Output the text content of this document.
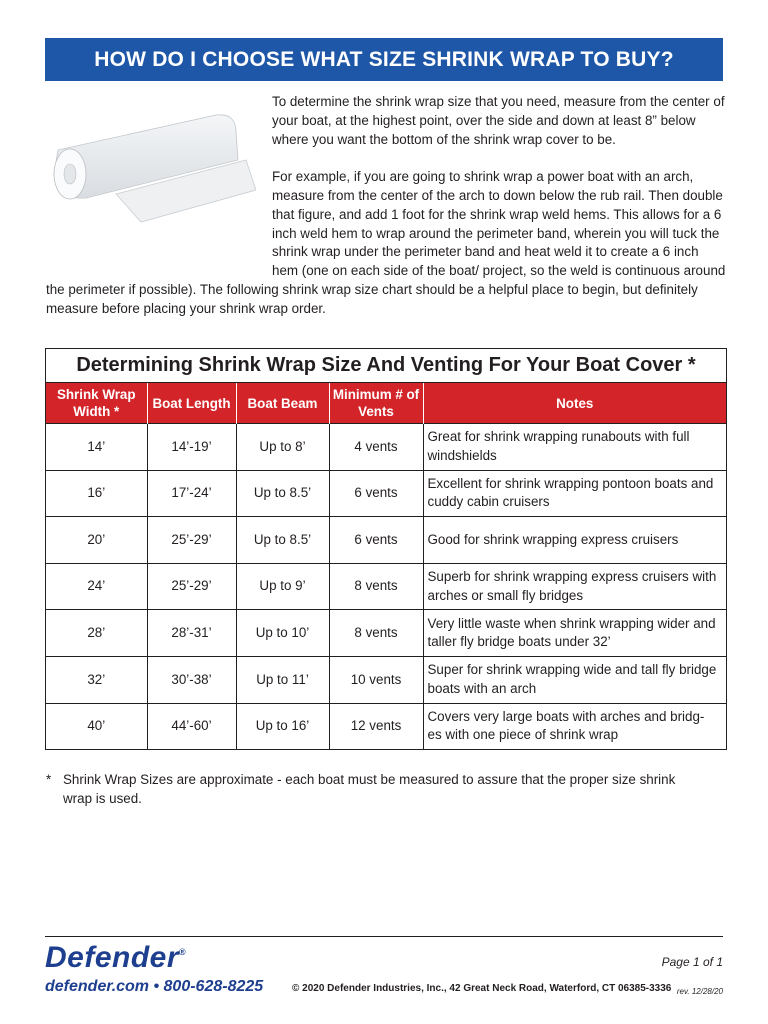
HOW DO I CHOOSE WHAT SIZE SHRINK WRAP TO BUY?

To determine the shrink wrap size that you need, measure from the center of your boat, at the highest point, over the side and down at least 8” below where you want the bottom of the shrink wrap cover to be.

For example, if you are going to shrink wrap a power boat with an arch, measure from the center of the arch to down below the rub rail. Then double that figure, and add 1 foot for the shrink wrap weld hems. This allows for a 6 inch weld hem to wrap around the perimeter band, wherein you will tuck the shrink wrap under the perimeter band and heat weld it to create a 6 inch hem (one on each side of the boat/ project, so the weld is continuous around the perimeter if possible). The following shrink wrap size chart should be a helpful place to begin, but definitely measure before placing your shrink wrap order.

Determining Shrink Wrap Size And Venting For Your Boat Cover *
Shrink Wrap Width *	Boat Length	Boat Beam	Minimum # of Vents	Notes
14’	14’-19’	Up to 8’	4 vents	Great for shrink wrapping runabouts with full windshields
16’	17’-24’	Up to 8.5’	6 vents	Excellent for shrink wrapping pontoon boats and cuddy cabin cruisers
20’	25’-29’	Up to 8.5’	6 vents	Good for shrink wrapping express cruisers
24’	25’-29’	Up to 9’	8 vents	Superb for shrink wrapping express cruisers with arches or small fly bridges
28’	28’-31’	Up to 10’	8 vents	Very little waste when shrink wrapping wider and taller fly bridge boats under 32’
32’	30’-38’	Up to 11’	10 vents	Super for shrink wrapping wide and tall fly bridge boats with an arch
40’	44’-60’	Up to 16’	12 vents	Covers very large boats with arches and bridg- es with one piece of shrink wrap
* Shrink Wrap Sizes are approximate - each boat must be measured to assure that the proper size shrink wrap is used.
Defender®
defender.com • 800-628-8225	© 2020 Defender Industries, Inc., 42 Great Neck Road, Waterford, CT 06385-3336
Page 1 of 1
rev. 12/28/20
